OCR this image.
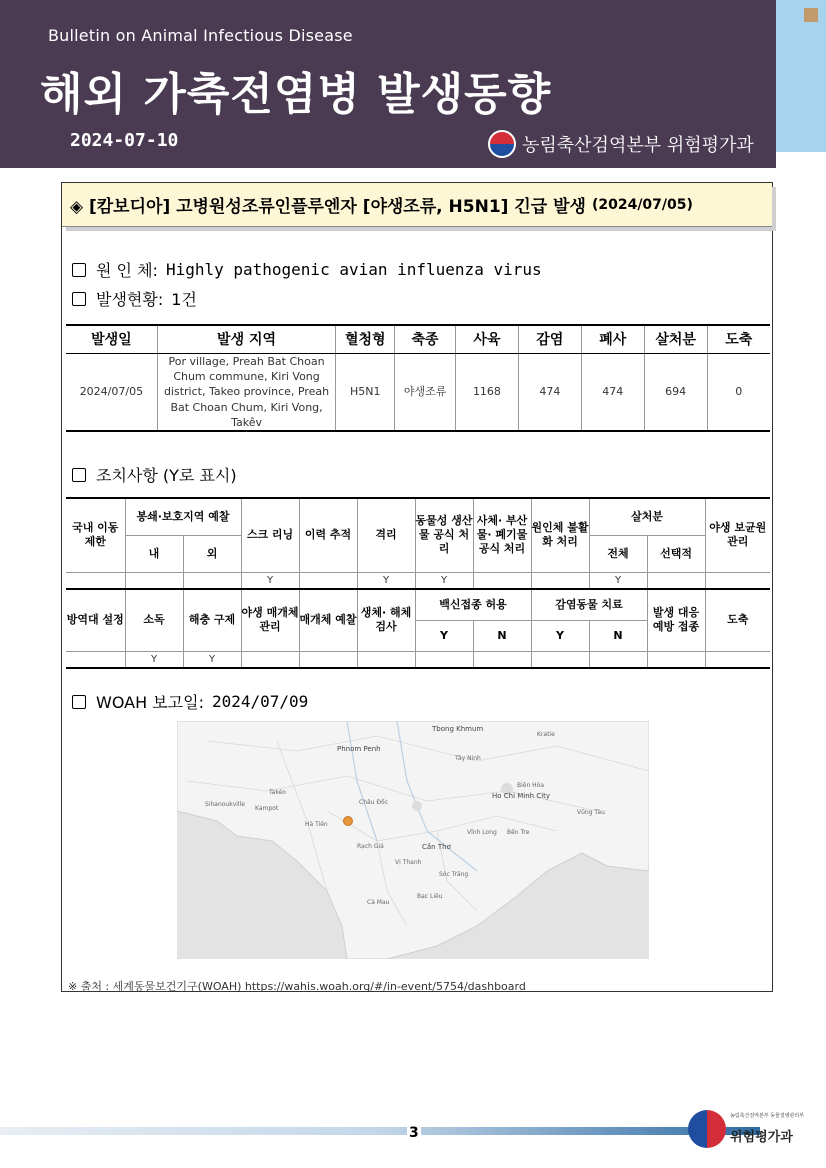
Bulletin on Animal Infectious Disease
해외 가축전염병 발생동향
2024-07-10	농림축산검역본부 위험평가과
◈ [캄보디아] 고병원성조류인플루엔자 [야생조류, H5N1] 긴급 발생 (2024/07/05)
원 인 체: Highly pathogenic avian influenza virus
발생현황: 1건
발생일	발생 지역	혈청형	축종	사육	감염	폐사	살처분	도축
2024/07/05	Por village, Preah Bat Choan Chum commune, Kiri Vong district, Takeo province, Preah Bat Choan Chum, Kiri Vong, Takêv	H5N1	야생조류	1168	474	474	694	0
조치사항 (Y로 표시)
국내 이동 제한	봉쇄·보호지역 예찰		스크 리닝	이력 추적	격리	동물성 생산물 공식 처리	사체· 부산물· 폐기물 공식 처리	원인체 불활화 처리	살처분		야생 보균원 관리
	내	외							전체	선택적	
			Y		Y	Y			Y		
방역대 설정	소독	해충 구제	야생 매개체 관리	매개체 예찰	생체· 해체 검사	백신접종 허용		감염동물 치료		발생 대응 예방 접종	도축
						Y	N	Y	N		
	Y	Y									
WOAH 보고일: 2024/07/09
Tbong Khmum
Kratie
Phnom Penh
Tây Ninh
Biên Hòa
Ho Chi Minh City
Takéo
Châu Đốc
Sihanoukville
Kampot
Hà Tiên
Vĩnh Long Bến Tre
Rạch Giá	Cần Thơ
Vũng Tàu
Vị Thanh
Sóc Trăng
Bạc Liêu
Cà Mau
※ 출처 : 세계동물보건기구(WOAH) https://wahis.woah.org/#/in-event/5754/dashboard
3
농림축산검역본부 동물질병관리부
위험평가과
